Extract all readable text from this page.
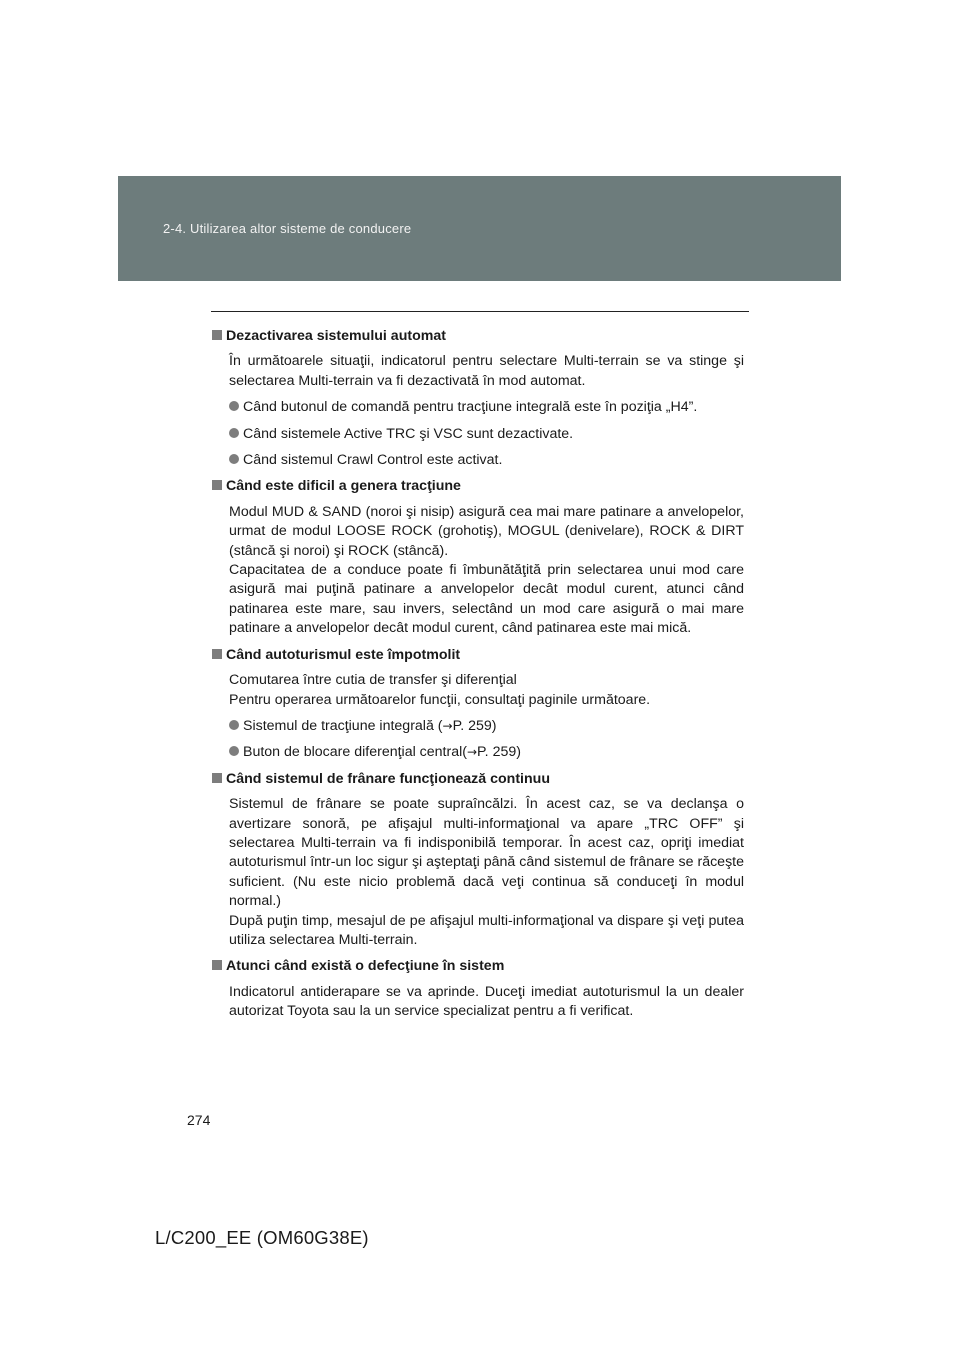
2-4. Utilizarea altor sisteme de conducere
Dezactivarea sistemului automat
În următoarele situaţii, indicatorul pentru selectare Multi-terrain se va stinge şi selectarea Multi-terrain va fi dezactivată în mod automat.
Când butonul de comandă pentru tracţiune integrală este în poziţia „H4”.
Când sistemele Active TRC şi VSC sunt dezactivate.
Când sistemul Crawl Control este activat.
Când este dificil a genera tracţiune
Modul MUD & SAND (noroi şi nisip) asigură cea mai mare patinare a anvelopelor, urmat de modul LOOSE ROCK (grohotiş), MOGUL (denivelare), ROCK & DIRT (stâncă şi noroi) şi ROCK (stâncă).
Capacitatea de a conduce poate fi îmbunătăţită prin selectarea unui mod care asigură mai puţină patinare a anvelopelor decât modul curent, atunci când patinarea este mare, sau invers, selectând un mod care asigură o mai mare patinare a anvelopelor decât modul curent, când patinarea este mai mică.
Când autoturismul este împotmolit
Comutarea între cutia de transfer şi diferenţial
Pentru operarea următoarelor funcţii, consultaţi paginile următoare.
Sistemul de tracţiune integrală (→P. 259)
Buton de blocare diferenţial central(→P. 259)
Când sistemul de frânare funcţionează continuu
Sistemul de frânare se poate supraîncălzi. În acest caz, se va declanşa o avertizare sonoră, pe afişajul multi-informaţional va apare „TRC OFF” şi selectarea Multi-terrain va fi indisponibilă temporar. În acest caz, opriţi imediat autoturismul într-un loc sigur şi aşteptaţi până când sistemul de frânare se răceşte suficient. (Nu este nicio problemă dacă veţi continua să conduceţi în modul normal.)
După puţin timp, mesajul de pe afişajul multi-informaţional va dispare şi veţi putea utiliza selectarea Multi-terrain.
Atunci când există o defecţiune în sistem
Indicatorul antiderapare se va aprinde. Duceţi imediat autoturismul la un dealer autorizat Toyota sau la un service specializat pentru a fi verificat.
274
L/C200_EE (OM60G38E)
